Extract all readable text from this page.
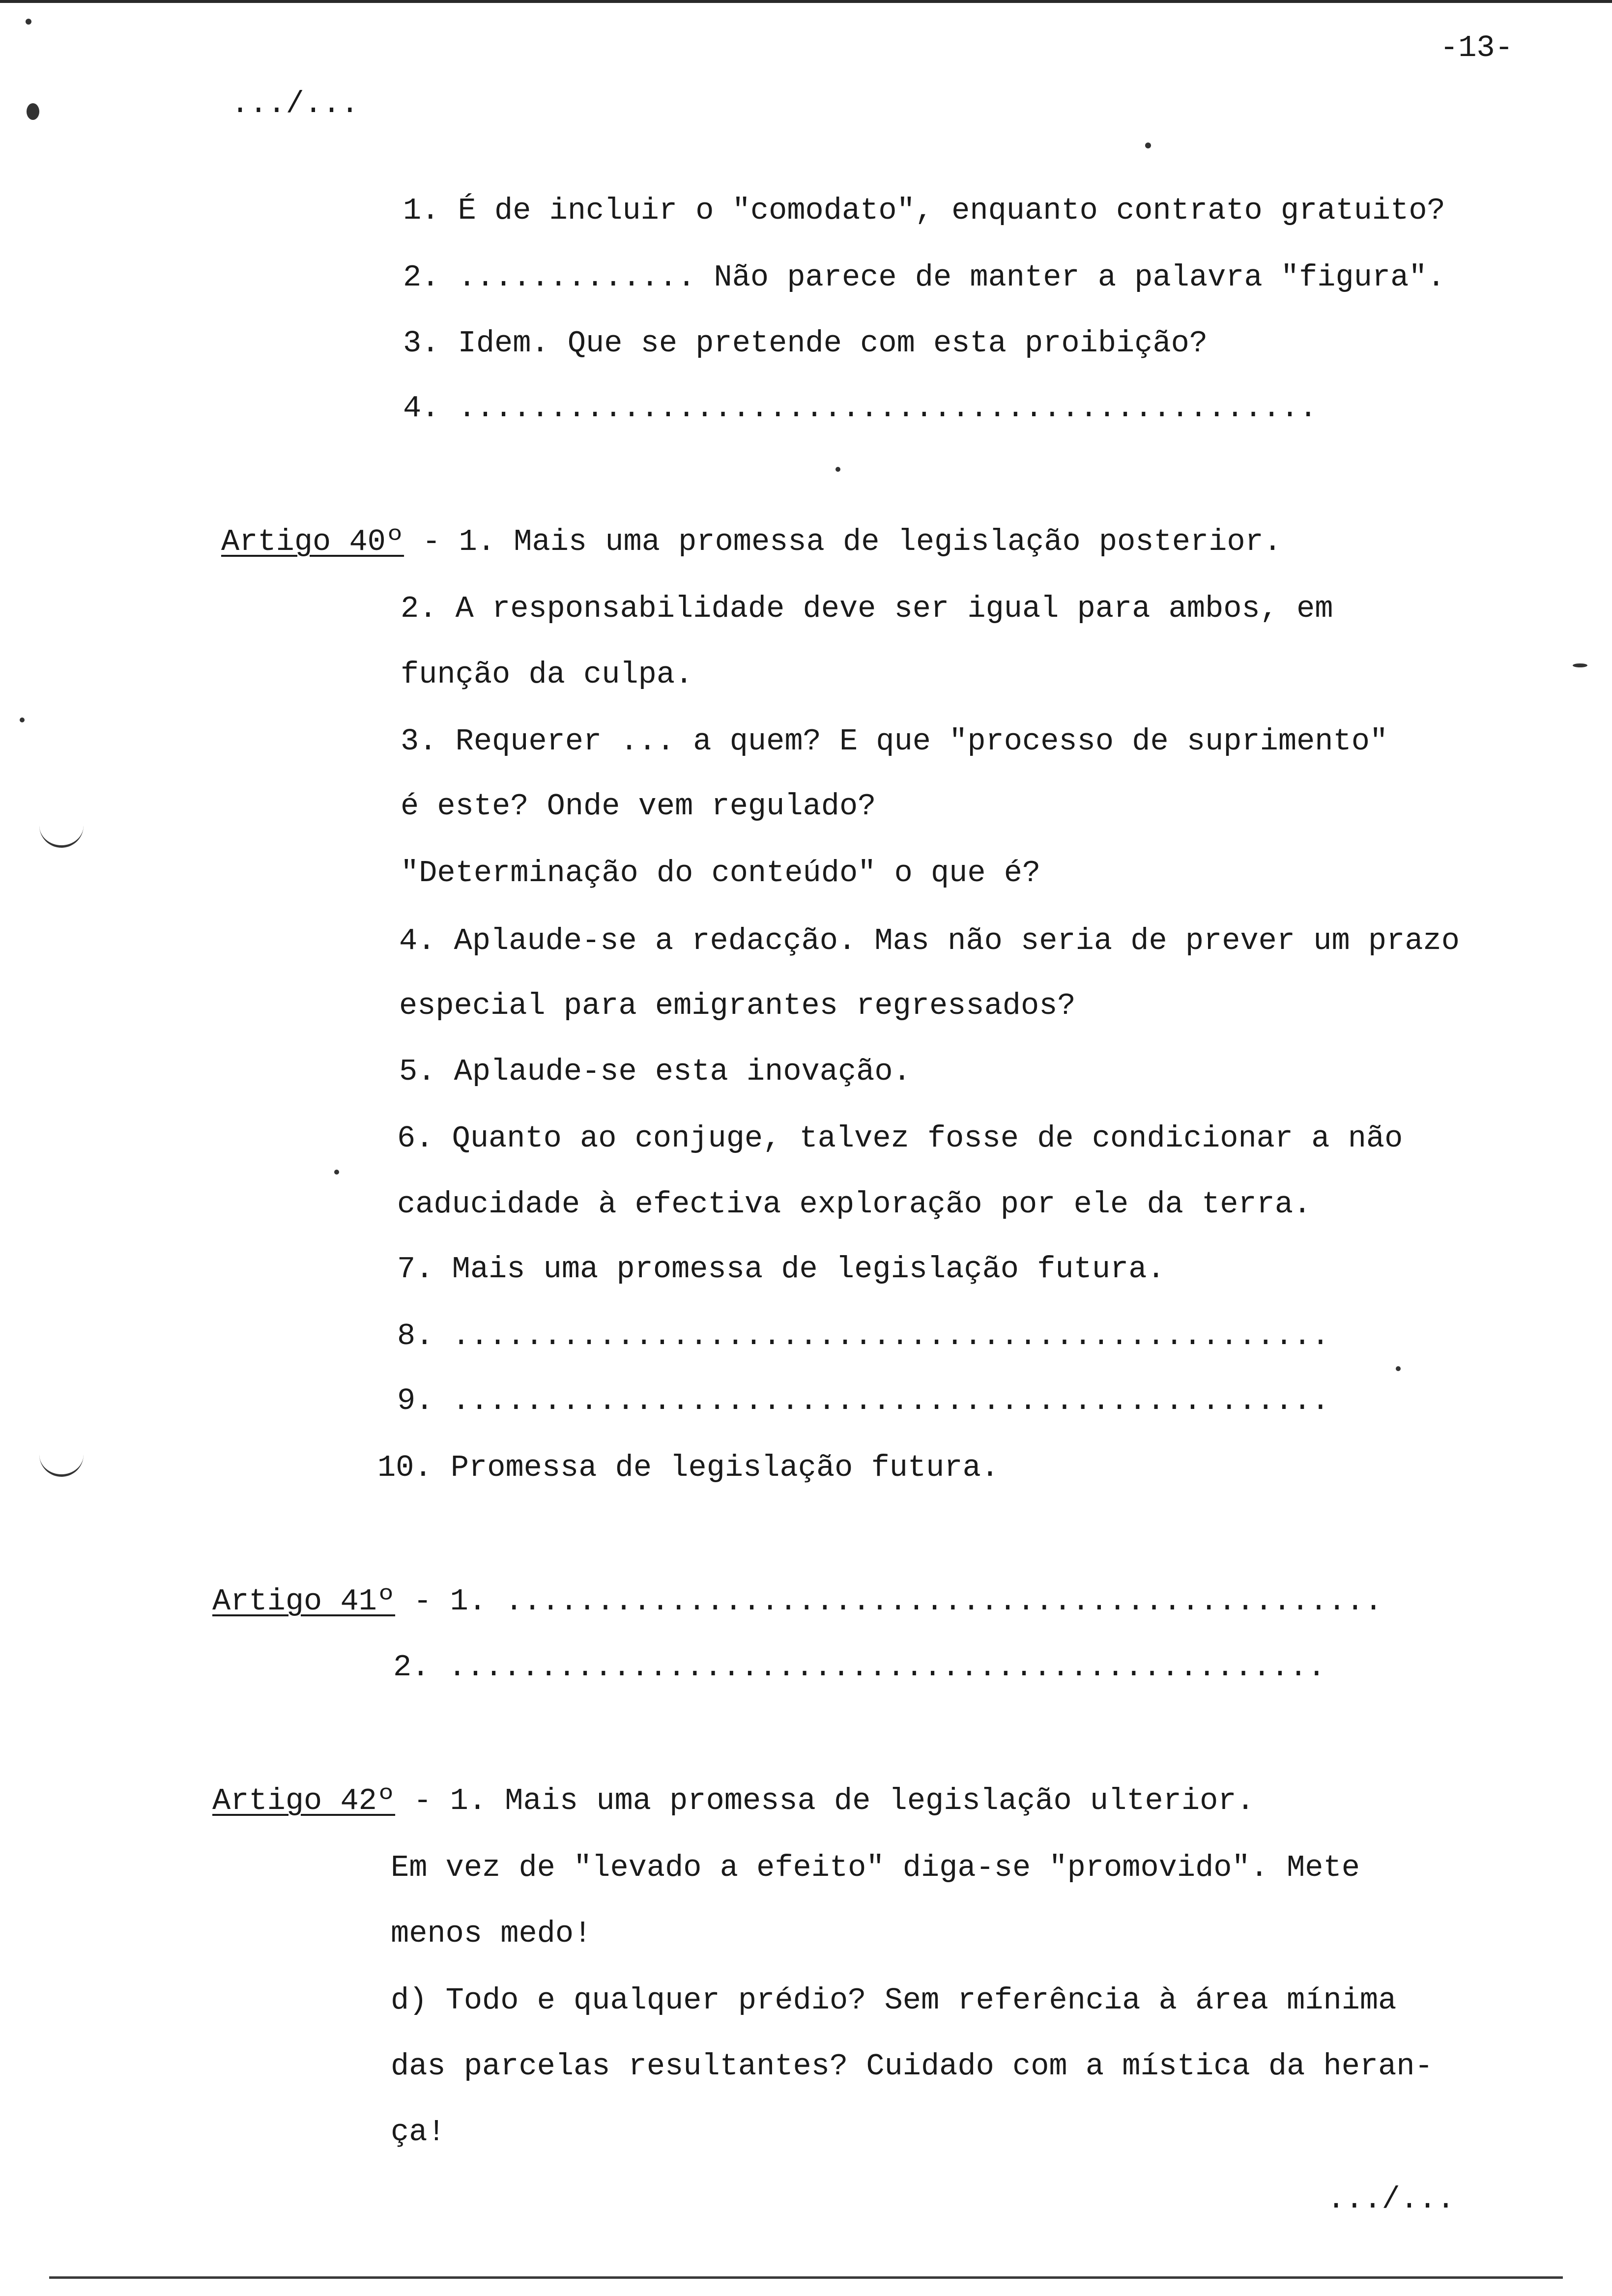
-13-
.../...
1. É de incluir o "comodato", enquanto contrato gratuito?
2. ............. Não parece de manter a palavra "figura".
3. Idem. Que se pretende com esta proibição?
4. ...............................................
Artigo 40º - 1. Mais uma promessa de legislação posterior.
2. A responsabilidade deve ser igual para ambos, em
função da culpa.
3. Requerer ... a quem? E que "processo de suprimento"
é este? Onde vem regulado?
"Determinação do conteúdo" o que é?
4. Aplaude-se a redacção. Mas não seria de prever um prazo
especial para emigrantes regressados?
5. Aplaude-se esta inovação.
6. Quanto ao conjuge, talvez fosse de condicionar a não
caducidade à efectiva exploração por ele da terra.
7. Mais uma promessa de legislação futura.
8. ................................................
9. ................................................
10. Promessa de legislação futura.
Artigo 41º - 1. ................................................
2. ................................................
Artigo 42º - 1. Mais uma promessa de legislação ulterior.
Em vez de "levado a efeito" diga-se "promovido". Mete
menos medo!
d) Todo e qualquer prédio? Sem referência à área mínima
das parcelas resultantes? Cuidado com a mística da heran-
ça!
.../...
